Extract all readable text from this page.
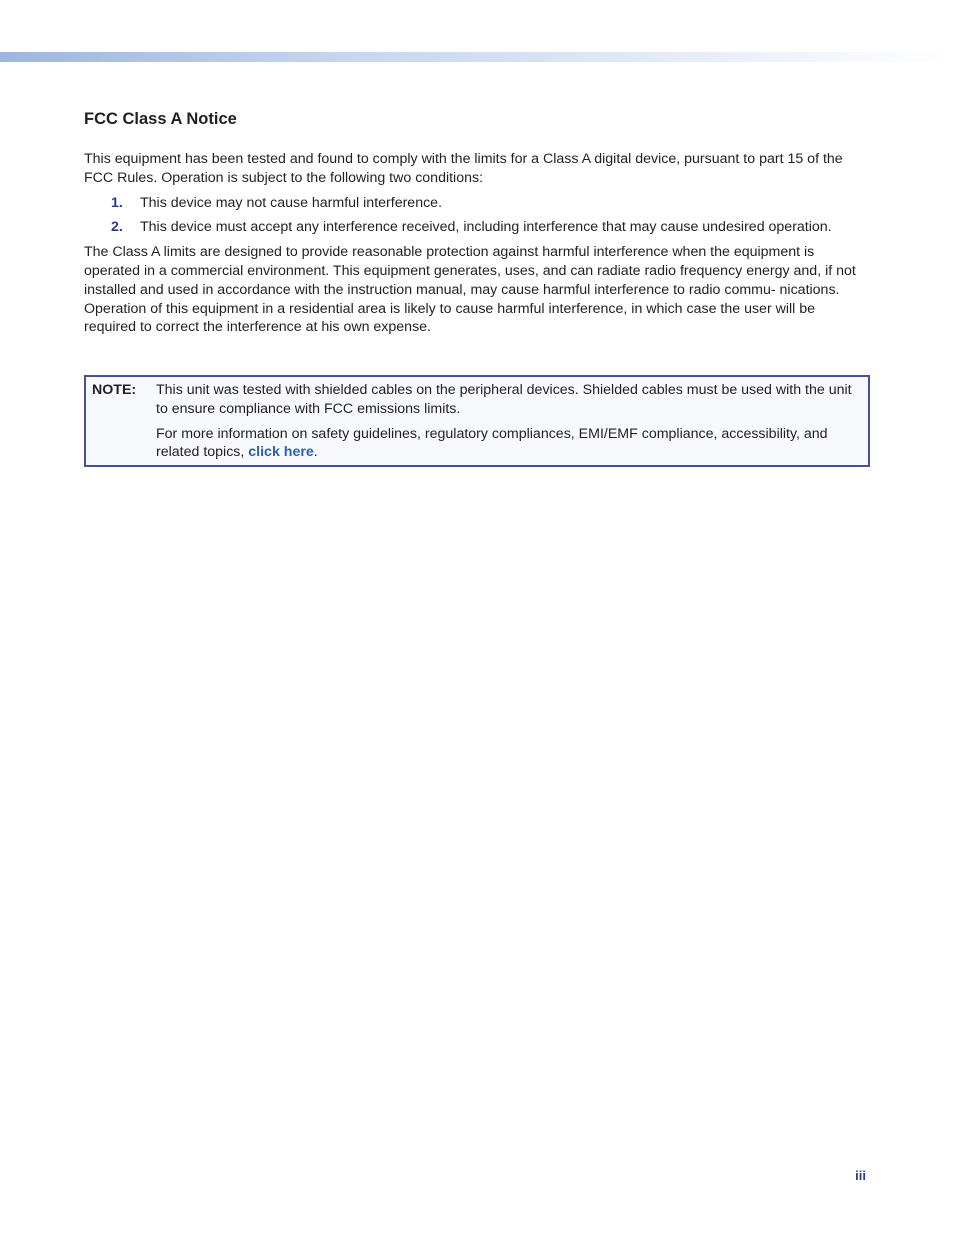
FCC Class A Notice

This equipment has been tested and found to comply with the limits for a Class A digital device, pursuant to part 15 of the FCC Rules. Operation is subject to the following two conditions:

1. This device may not cause harmful interference.
2. This device must accept any interference received, including interference that may cause undesired operation.

The Class A limits are designed to provide reasonable protection against harmful interference when the equipment is operated in a commercial environment. This equipment generates, uses, and can radiate radio frequency energy and, if not installed and used in accordance with the instruction manual, may cause harmful interference to radio commu- nications. Operation of this equipment in a residential area is likely to cause harmful interference, in which case the user will be required to correct the interference at his own expense.

NOTE: This unit was tested with shielded cables on the peripheral devices. Shielded cables must be used with the unit to ensure compliance with FCC emissions limits.

For more information on safety guidelines, regulatory compliances, EMI/EMF compliance, accessibility, and related topics, click here.

iii
